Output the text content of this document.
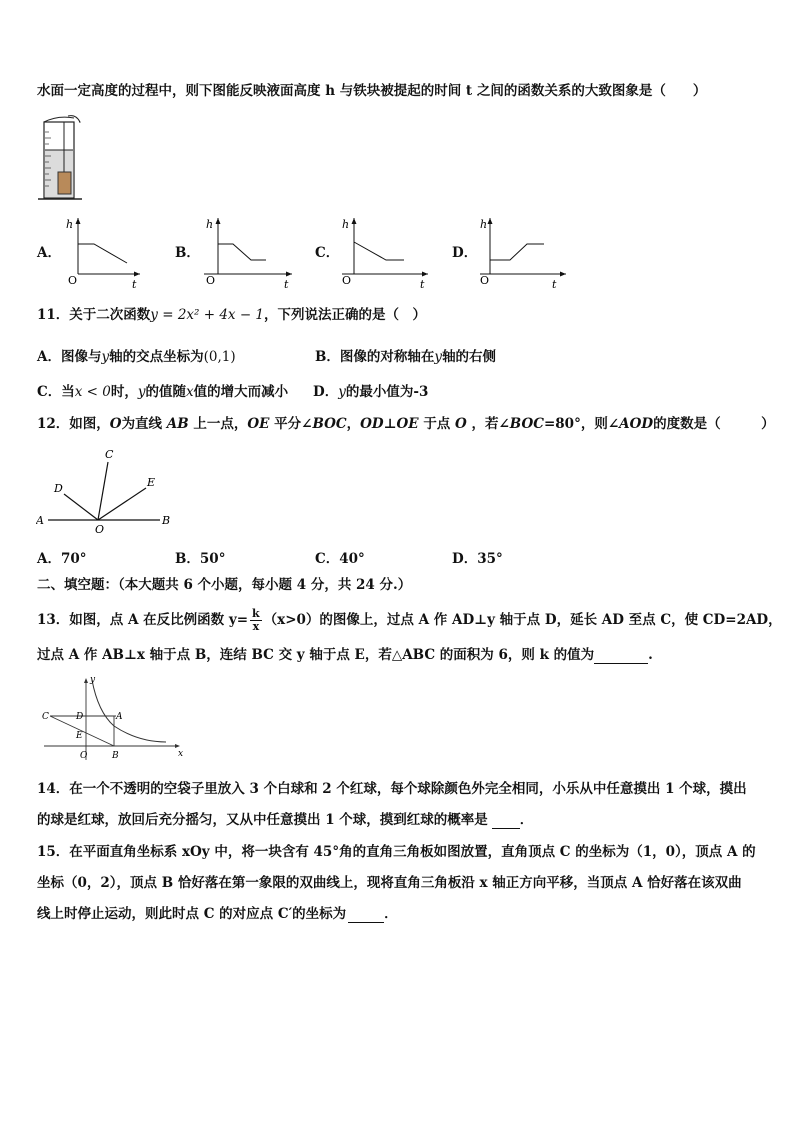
水面一定高度的过程中，则下图能反映液面高度 h 与铁块被提起的时间 t 之间的函数关系的大致图象是（　　）
A．
h
t
O
B．
h
t
O
C．
h
t
O
D．
h
t
O
11．关于二次函数y = 2x² + 4x − 1，下列说法正确的是（　）
A．图像与y轴的交点坐标为(0,1)	B．图像的对称轴在y轴的右侧
C．当x < 0时，y的值随x值的增大而减小 D．y的最小值为-3
12．如图，O为直线 AB 上一点，OE 平分∠BOC，OD⊥OE 于点 O ，若∠BOC=80°，则∠AOD的度数是（　　　）
A	B
C
D	E
O
A．70°	B．50°	C．40°	D．35°
二、填空题：（本大题共 6 个小题，每小题 4 分，共 24 分.）
13．如图，点 A 在反比例函数 $y= \frac{k}{x} (x>0)$的图像上，过点 A 作 AD⊥y 轴于点 D，延长 AD 至点 C，使 CD=2AD，
过点 A 作 AB⊥x 轴于点 B，连结 BC 交 y 轴于点 E，若△ABC 的面积为 6，则 k 的值为	.
y
x
C	D	A
E
O	B
14．在一个不透明的空袋子里放入 3 个白球和 2 个红球，每个球除颜色外完全相同，小乐从中任意摸出 1 个球，摸出
的球是红球，放回后充分摇匀，又从中任意摸出 1 个球，摸到红球的概率是 ．
15．在平面直角坐标系 xOy 中，将一块含有 45°角的直角三角板如图放置，直角顶点 C 的坐标为（1，0），顶点 A 的
坐标（0，2），顶点 B 恰好落在第一象限的双曲线上，现将直角三角板沿 x 轴正方向平移，当顶点 A 恰好落在该双曲
线上时停止运动，则此时点 C 的对应点 C′的坐标为	．
